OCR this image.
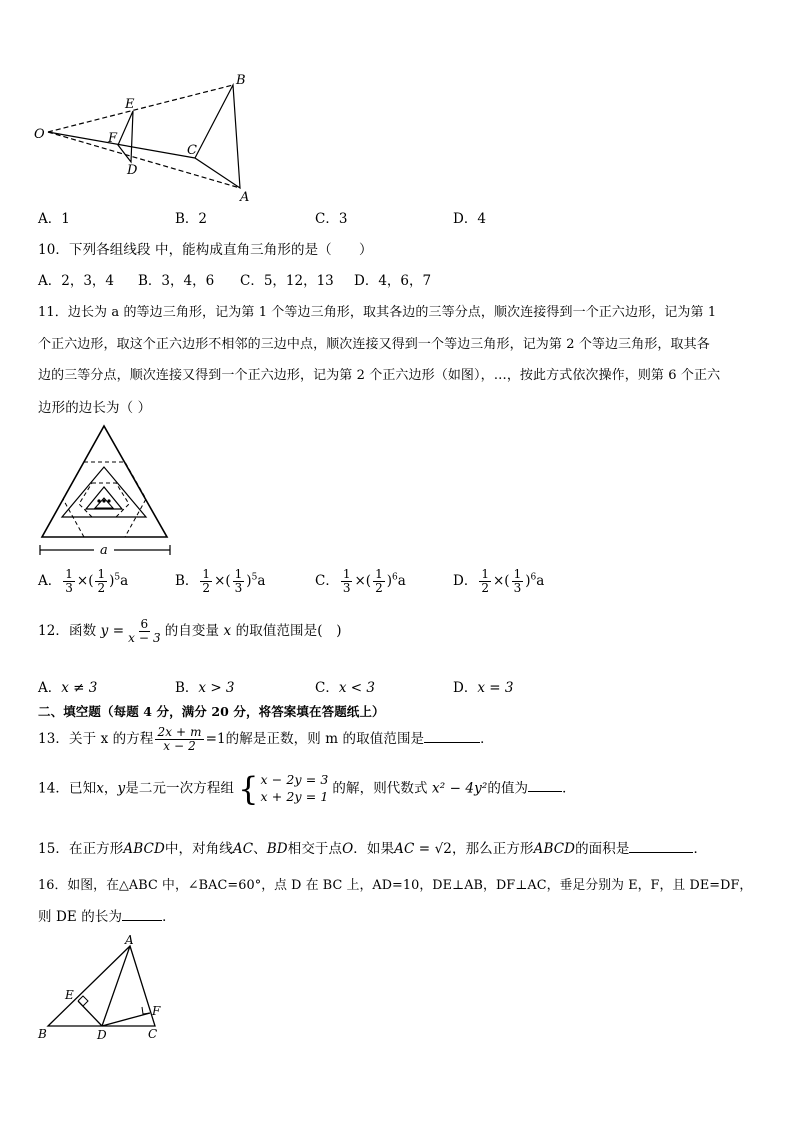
O
E
F
D
C
B
A
A．1	B．2	C．3	D．4
10．下列各组线段 中，能构成直角三角形的是（　　）
A．2，3，4 B．3，4，6 C．5，12，13 D．4，6，7
11．边长为 a 的等边三角形，记为第 1 个等边三角形，取其各边的三等分点，顺次连接得到一个正六边形，记为第 1
个正六边形，取这个正六边形不相邻的三边中点，顺次连接又得到一个等边三角形，记为第 2 个等边三角形，取其各
边的三等分点，顺次连接又得到一个正六边形，记为第 2 个正六边形（如图），…，按此方式依次操作，则第 6 个正六
边形的边长为（ ）
a
A． $\frac{1}{3}$ ×( $\frac{1}{2} )^5a$	B． $\frac{1}{2}$ ×( $\frac{1}{3} )^5a$	C． $\frac{1}{3}$ ×( $\frac{1}{2} )^6a$	D． $\frac{1}{2}$ ×( $\frac{1}{3} )^6a$
12．函数 $y = \frac{6}{x - 3}$ 的自变量 x 的取值范围是(　)
A．x ≠ 3	B．x > 3	C．x < 3	D．x = 3
二、填空题（每题 4 分，满分 20 分，将答案填在答题纸上）
13．关于 x 的方程 $\frac{2x + m}{x - 2} =1$的解是正数，则 m 的取值范围是	．
14．已知x，y是二元一次方程组 { x − 2y = 3
x + 2y = 1 的解，则代数式 x² − 4y²的值为	．
15．在正方形ABCD中，对角线AC、BD相交于点O．如果AC = √2，那么正方形ABCD的面积是	．
16．如图，在△ABC 中，∠BAC=60°，点 D 在 BC 上，AD=10，DE⊥AB，DF⊥AC，垂足分别为 E，F，且 DE=DF，
则 DE 的长为	．
A
E
F
B	D	C
